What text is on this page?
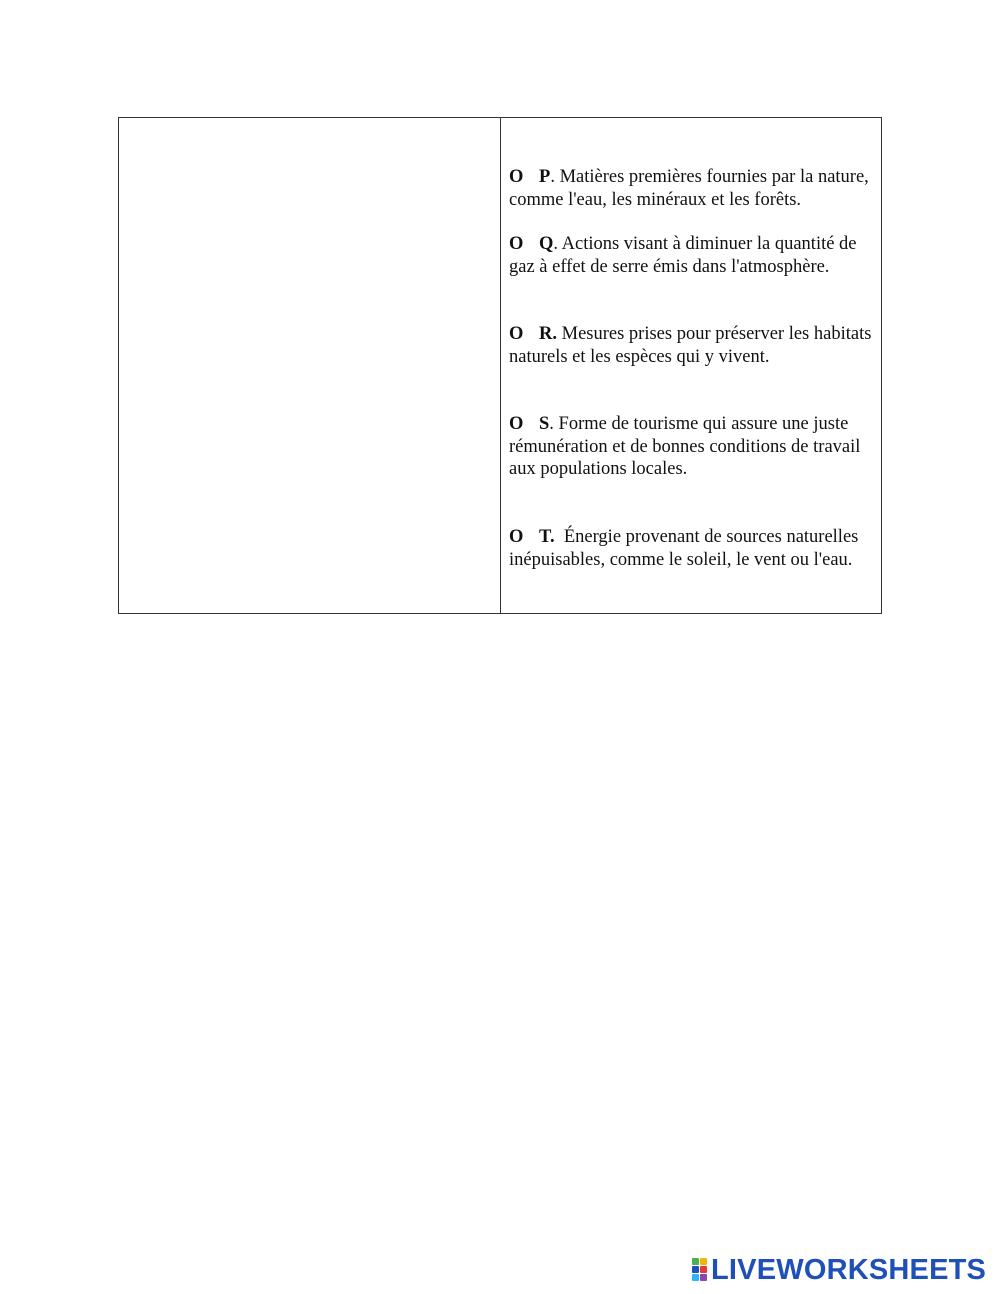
O P. Matières premières fournies par la nature, comme l'eau, les minéraux et les forêts.
O Q. Actions visant à diminuer la quantité de gaz à effet de serre émis dans l'atmosphère.
O R. Mesures prises pour préserver les habitats naturels et les espèces qui y vivent.
O S. Forme de tourisme qui assure une juste rémunération et de bonnes conditions de travail aux populations locales.
O T.  Énergie provenant de sources naturelles inépuisables, comme le soleil, le vent ou l'eau.
LIVEWORKSHEETS
